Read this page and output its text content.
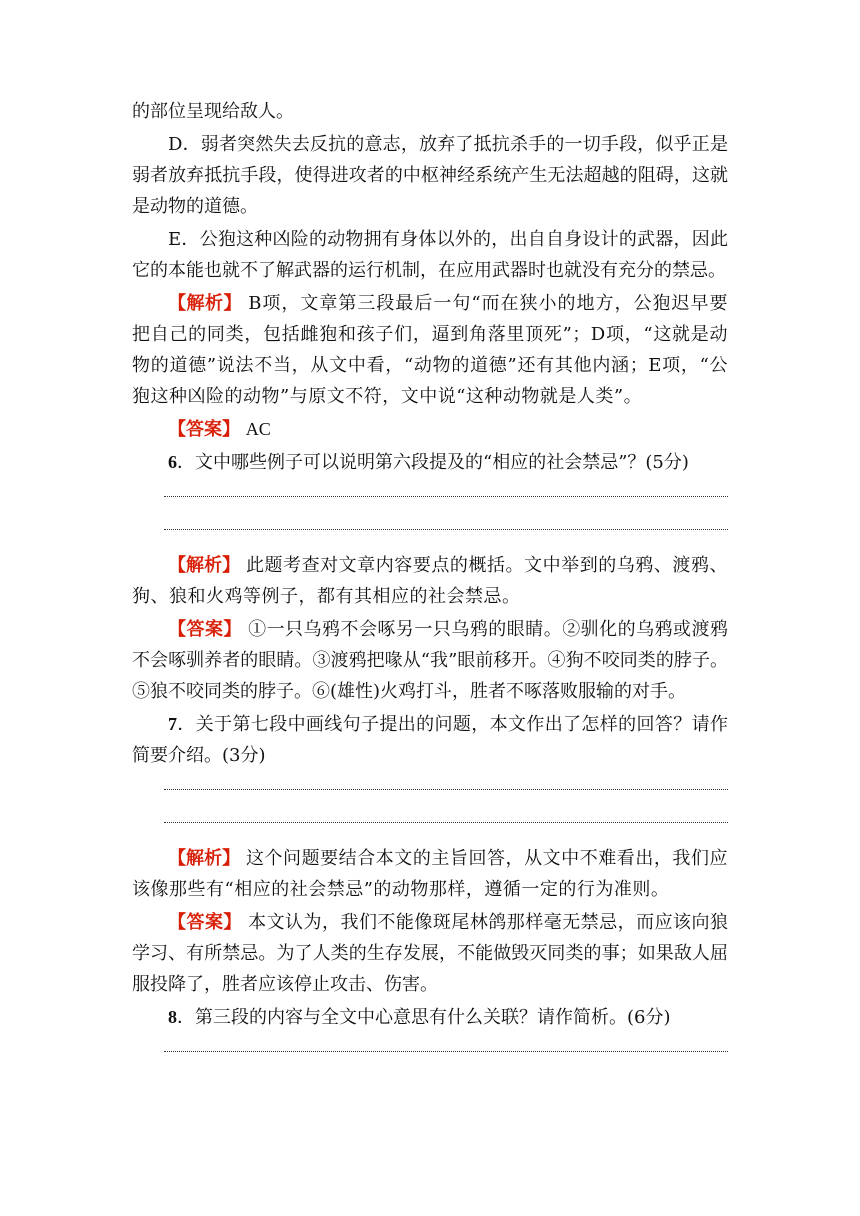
的部位呈现给敌人。

D．弱者突然失去反抗的意志，放弃了抵抗杀手的一切手段，似乎正是弱者放弃抵抗手段，使得进攻者的中枢神经系统产生无法超越的阻碍，这就是动物的道德。

E．公狍这种凶险的动物拥有身体以外的，出自自身设计的武器，因此它的本能也就不了解武器的运行机制，在应用武器时也就没有充分的禁忌。

【解析】 B项，文章第三段最后一句“而在狭小的地方，公狍迟早要把自己的同类，包括雌狍和孩子们，逼到角落里顶死”；D项，“这就是动物的道德”说法不当，从文中看，“动物的道德”还有其他内涵；E项，“公狍这种凶险的动物”与原文不符，文中说“这种动物就是人类”。

【答案】 AC

6．文中哪些例子可以说明第六段提及的“相应的社会禁忌”？(5分)

【解析】 此题考查对文章内容要点的概括。文中举到的乌鸦、渡鸦、狗、狼和火鸡等例子，都有其相应的社会禁忌。

【答案】 ①一只乌鸦不会啄另一只乌鸦的眼睛。②驯化的乌鸦或渡鸦不会啄驯养者的眼睛。③渡鸦把喙从“我”眼前移开。④狗不咬同类的脖子。⑤狼不咬同类的脖子。⑥(雄性)火鸡打斗，胜者不啄落败服输的对手。

7．关于第七段中画线句子提出的问题，本文作出了怎样的回答？请作简要介绍。(3分)

【解析】 这个问题要结合本文的主旨回答，从文中不难看出，我们应该像那些有“相应的社会禁忌”的动物那样，遵循一定的行为准则。

【答案】 本文认为，我们不能像斑尾林鸽那样毫无禁忌，而应该向狼学习、有所禁忌。为了人类的生存发展，不能做毁灭同类的事；如果敌人屈服投降了，胜者应该停止攻击、伤害。

8．第三段的内容与全文中心意思有什么关联？请作简析。(6分)
